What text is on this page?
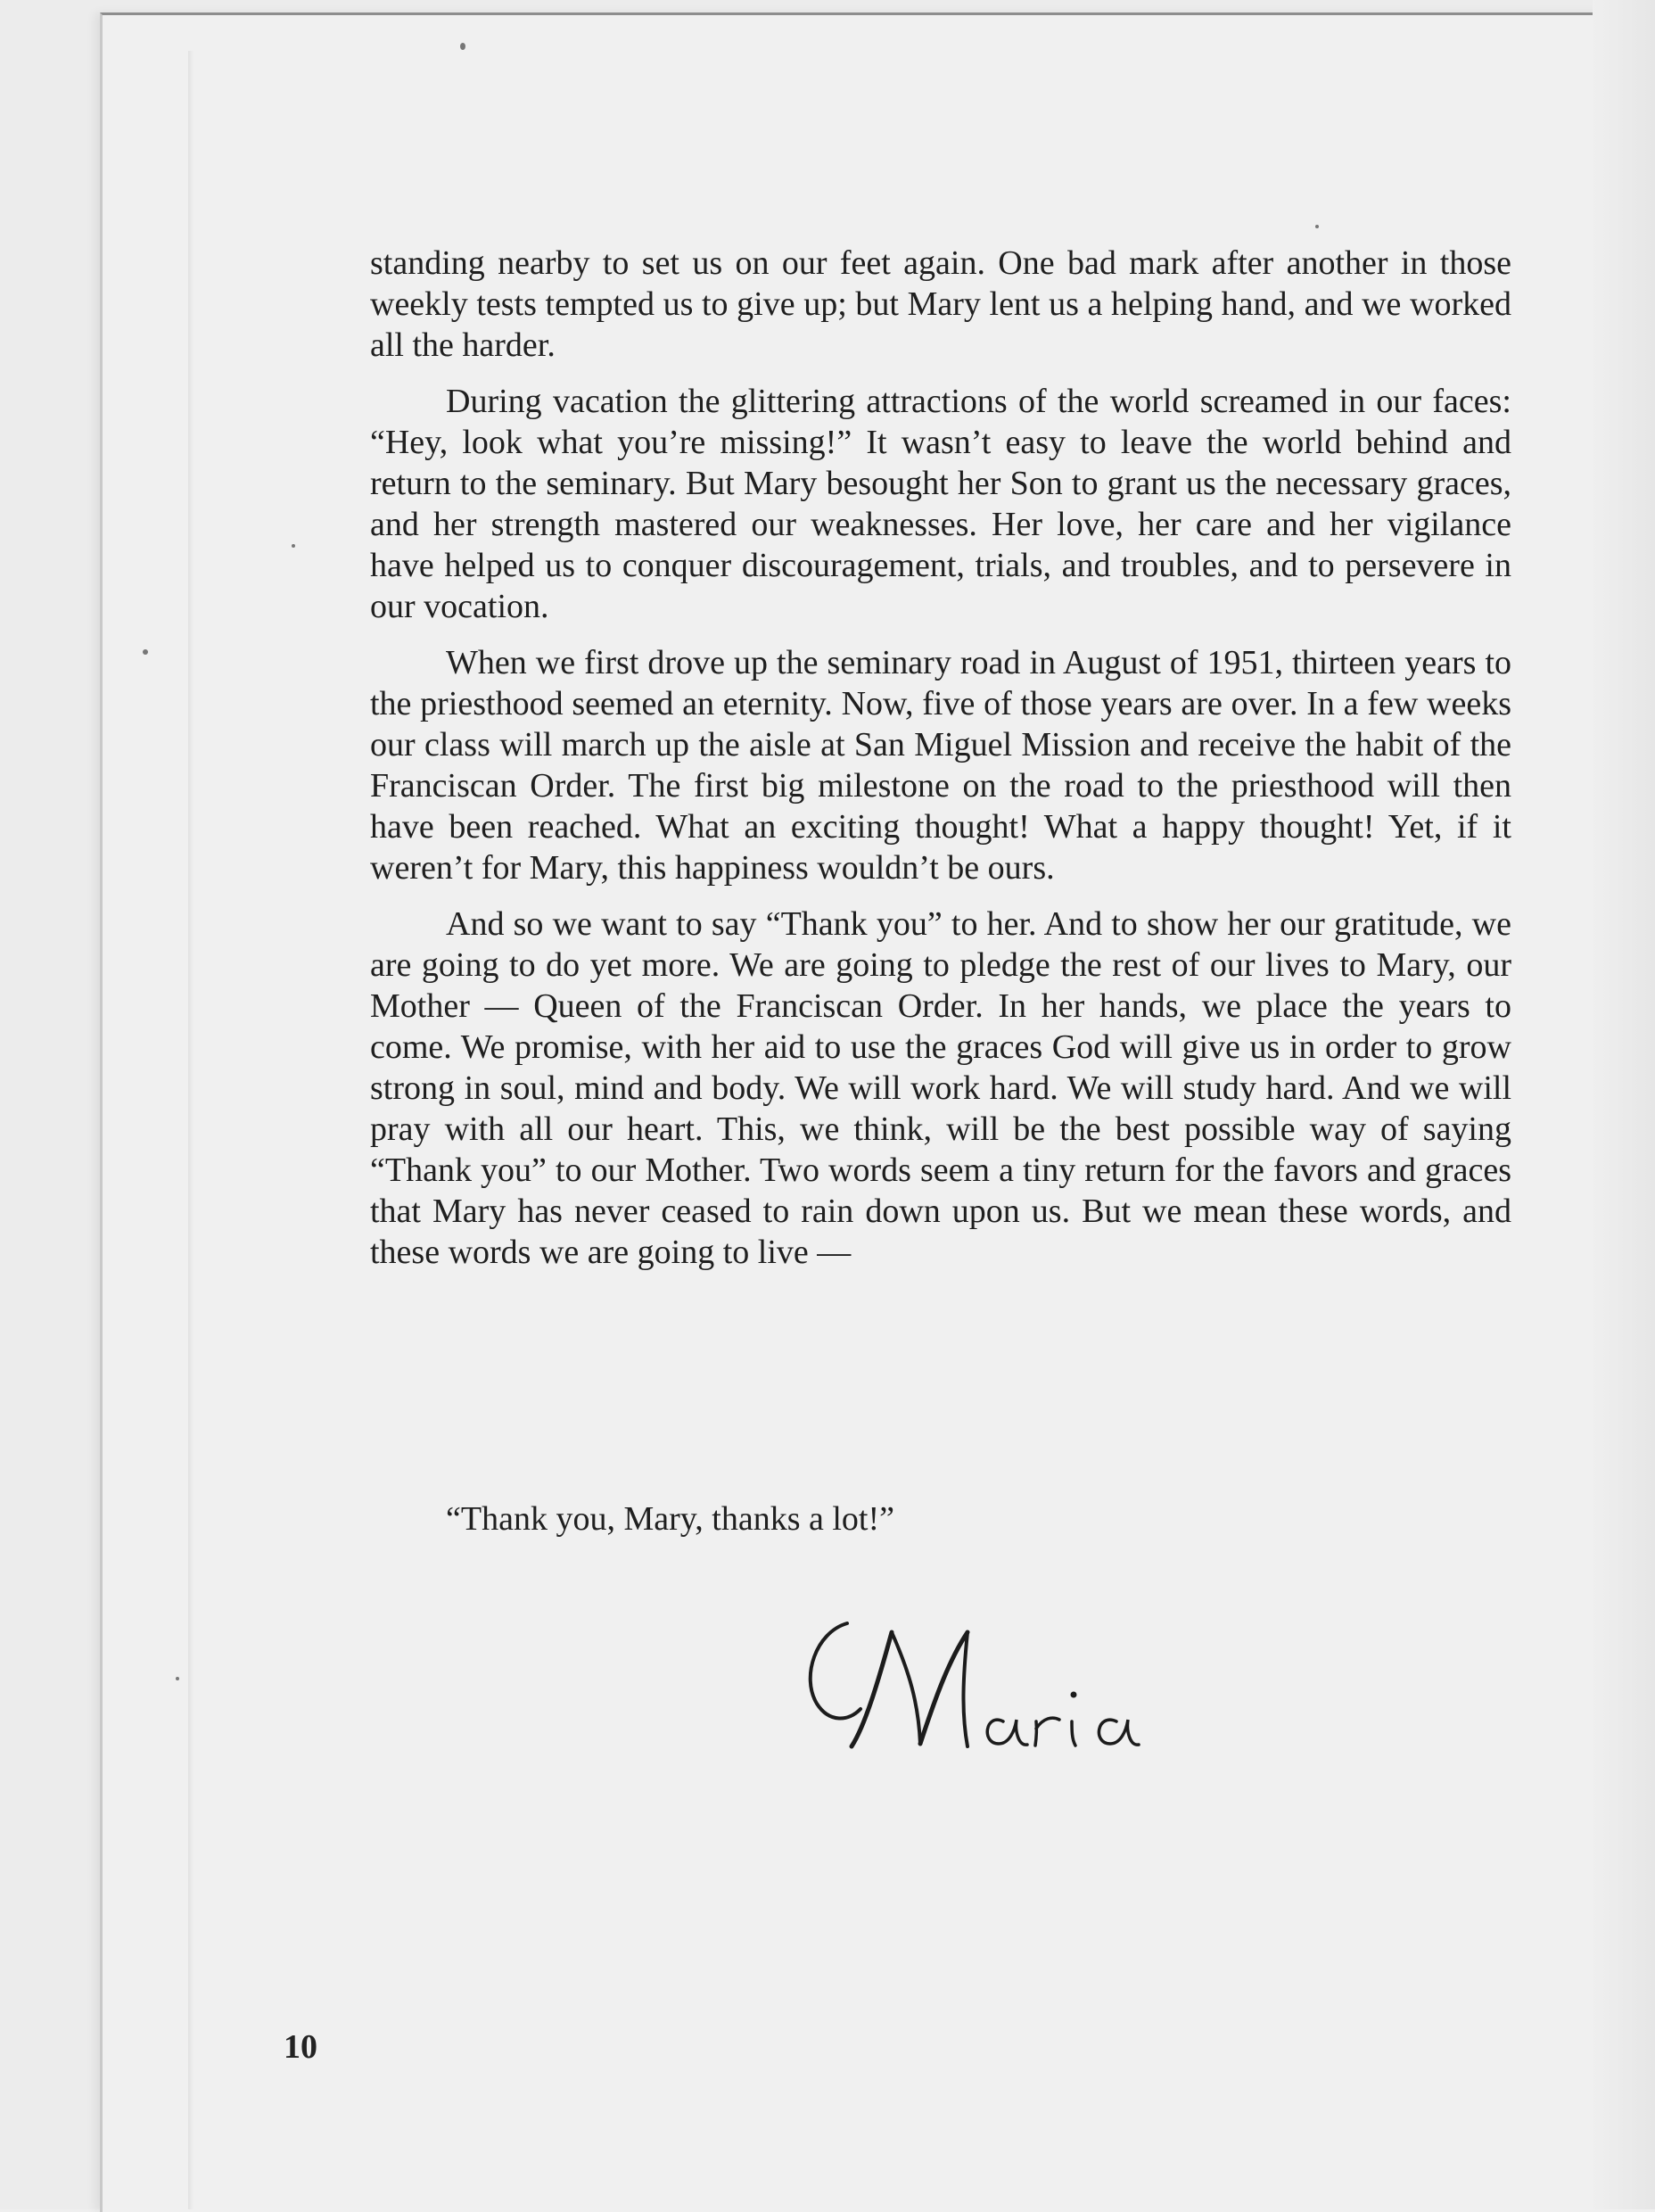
standing nearby to set us on our feet again. One bad mark after another in those weekly tests tempted us to give up; but Mary lent us a helping hand, and we worked all the harder.

During vacation the glittering attractions of the world screamed in our faces: “Hey, look what you’re missing!” It wasn’t easy to leave the world behind and return to the seminary. But Mary besought her Son to grant us the necessary graces, and her strength mastered our weaknesses. Her love, her care and her vigilance have helped us to conquer discouragement, trials, and troubles, and to persevere in our vocation.

When we first drove up the seminary road in August of 1951, thirteen years to the priesthood seemed an eternity. Now, five of those years are over. In a few weeks our class will march up the aisle at San Miguel Mission and receive the habit of the Franciscan Order. The first big milestone on the road to the priesthood will then have been reached. What an exciting thought! What a happy thought! Yet, if it weren’t for Mary, this happiness wouldn’t be ours.

And so we want to say “Thank you” to her. And to show her our gratitude, we are going to do yet more. We are going to pledge the rest of our lives to Mary, our Mother — Queen of the Franciscan Order. In her hands, we place the years to come. We promise, with her aid to use the graces God will give us in order to grow strong in soul, mind and body. We will work hard. We will study hard. And we will pray with all our heart. This, we think, will be the best possible way of saying “Thank you” to our Mother. Two words seem a tiny return for the favors and graces that Mary has never ceased to rain down upon us. But we mean these words, and these words we are going to live —

“Thank you, Mary, thanks a lot!”
10
